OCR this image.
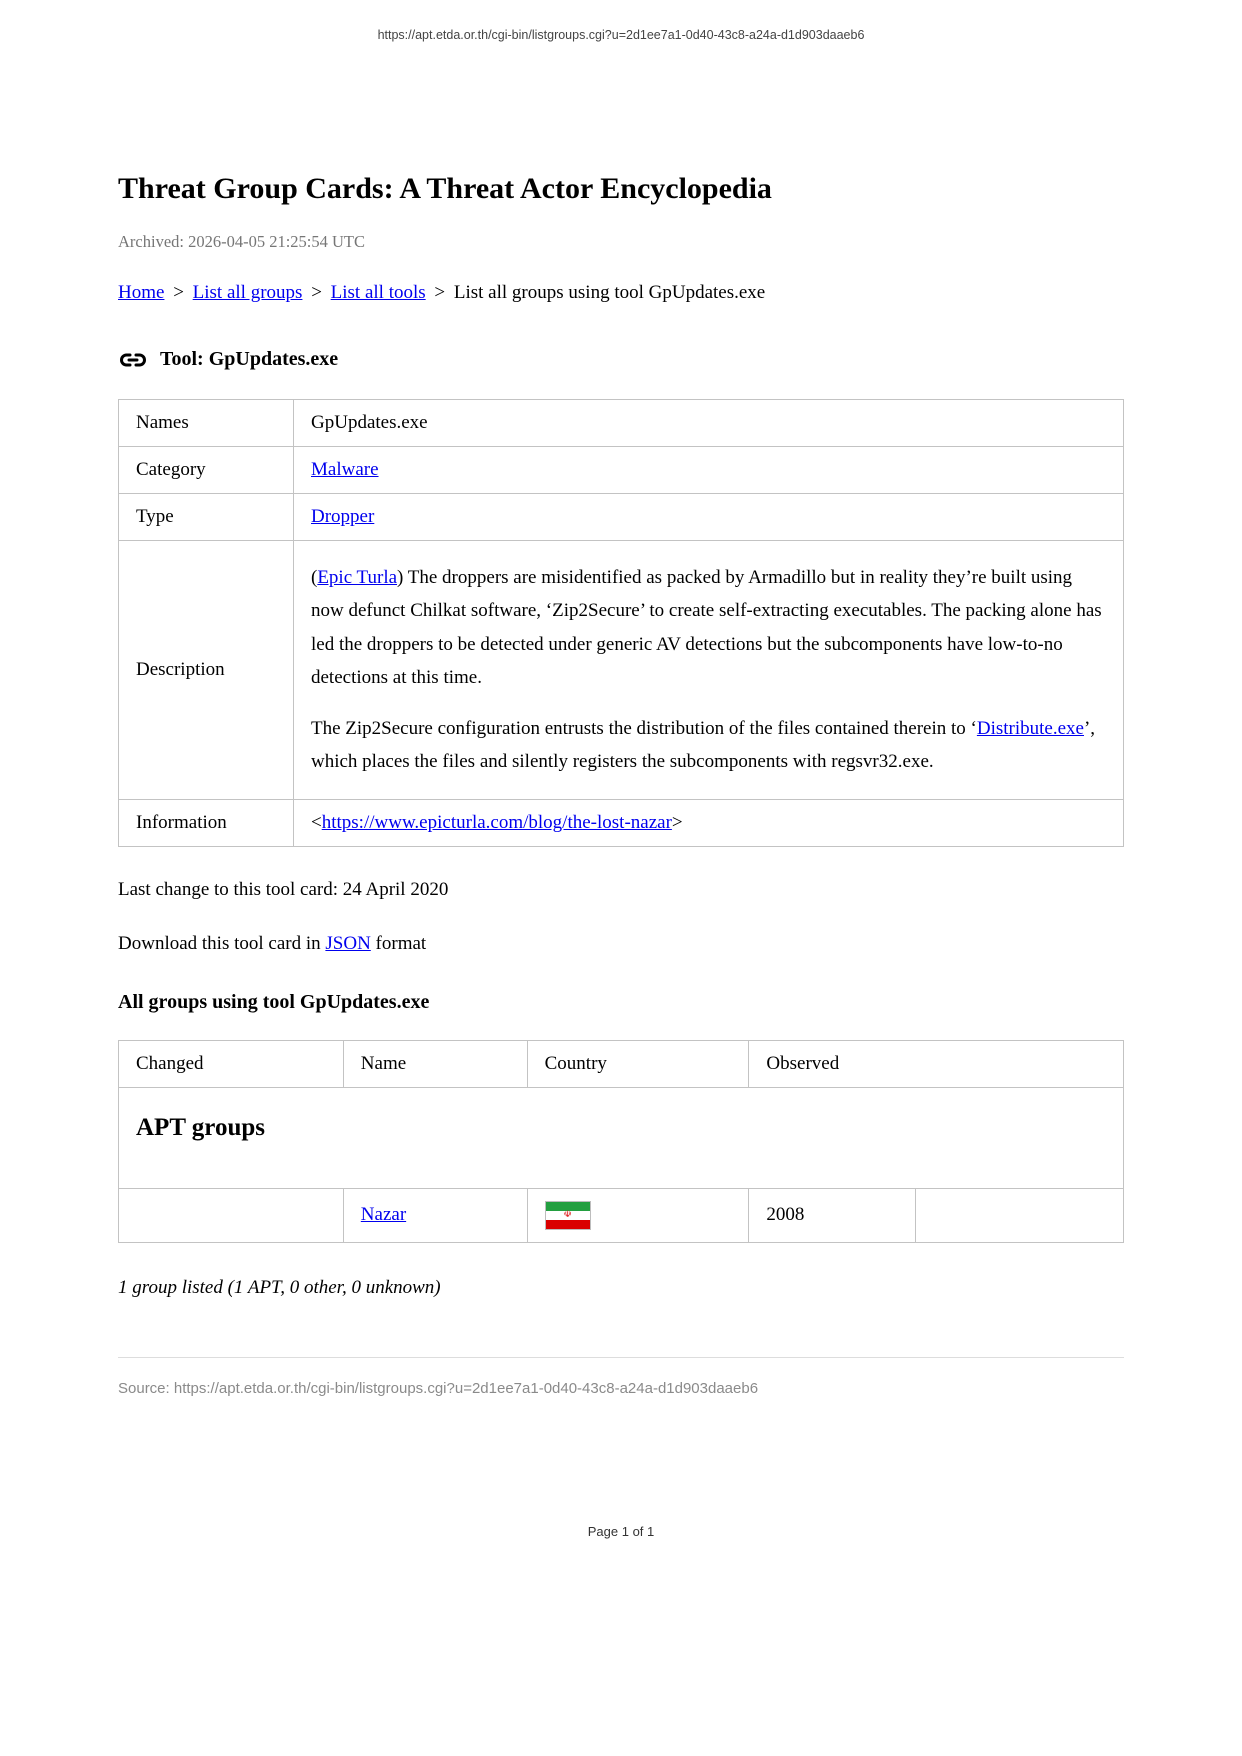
https://apt.etda.or.th/cgi-bin/listgroups.cgi?u=2d1ee7a1-0d40-43c8-a24a-d1d903daaeb6
Threat Group Cards: A Threat Actor Encyclopedia
Archived: 2026-04-05 21:25:54 UTC
Home > List all groups > List all tools > List all groups using tool GpUpdates.exe
Tool: GpUpdates.exe
Names	GpUpdates.exe
Category	Malware
Type	Dropper
Description	(Epic Turla) The droppers are misidentified as packed by Armadillo but in reality they’re built using now defunct Chilkat software, ‘Zip2Secure’ to create self-extracting executables. The packing alone has led the droppers to be detected under generic AV detections but the subcomponents have low-to-no detections at this time.

The Zip2Secure configuration entrusts the distribution of the files contained therein to ‘Distribute.exe’, which places the files and silently registers the subcomponents with regsvr32.exe.

Information	<https://www.epicturla.com/blog/the-lost-nazar>
Last change to this tool card: 24 April 2020
Download this tool card in JSON format
All groups using tool GpUpdates.exe
Changed	Name	Country	Observed	

APT groups

	Nazar	☫	2008	
1 group listed (1 APT, 0 other, 0 unknown)
Source: https://apt.etda.or.th/cgi-bin/listgroups.cgi?u=2d1ee7a1-0d40-43c8-a24a-d1d903daaeb6
Page 1 of 1
